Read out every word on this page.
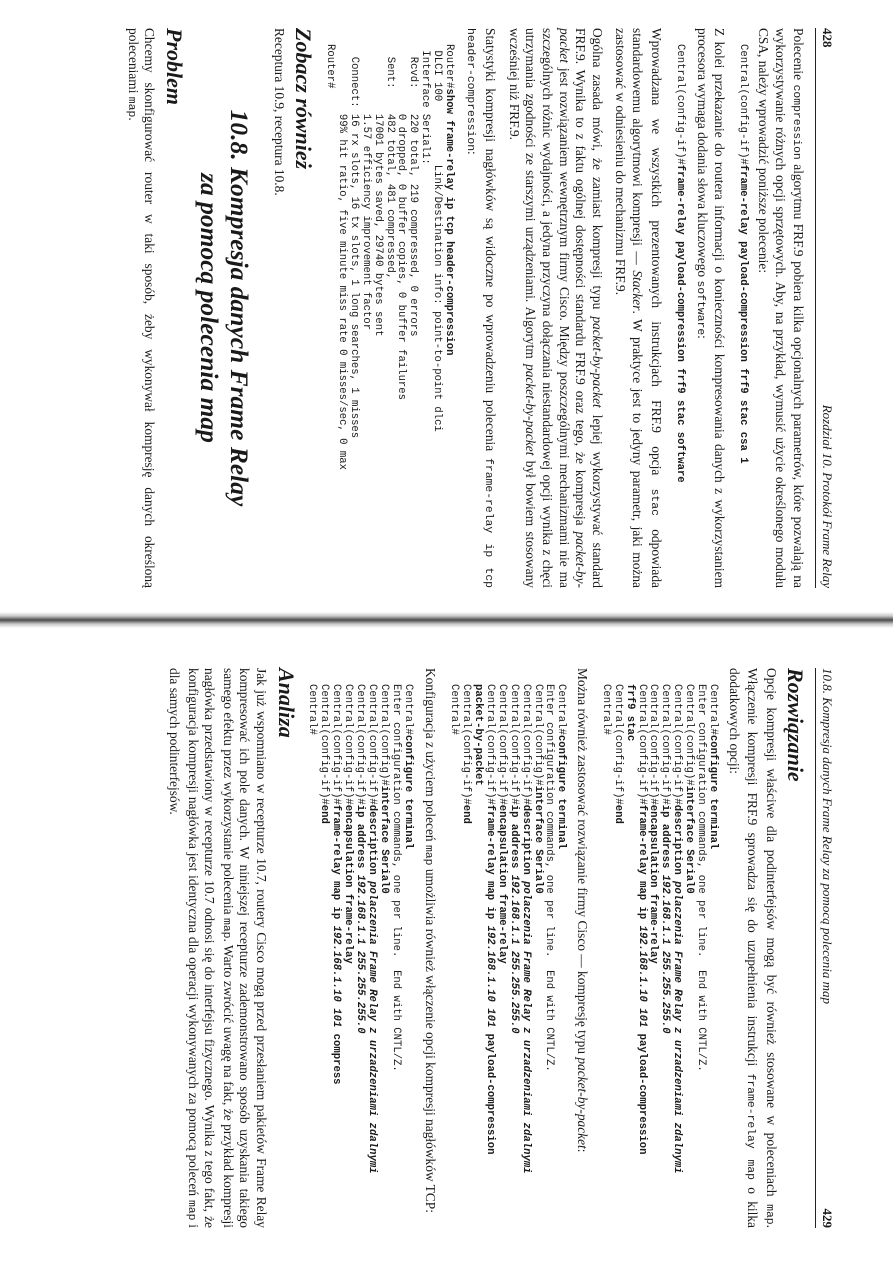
428
Rozdział 10. Protokół Frame Relay

Polecenie compression algorytmu FRF.9 pobiera kilka opcjonalnych parametrów, które pozwalają na wykorzystywanie różnych opcji sprzętowych. Aby, na przykład, wymusić użycie określonego modułu CSA, należy wprowadzić poniższe polecenie:

Central(config-if)#frame-relay payload-compression frf9 stac csa 1

Z kolei przekazanie do routera informacji o konieczności kompresowania danych z wykorzystaniem procesora wymaga dodania słowa kluczowego software:

Central(config-if)#frame-relay payload-compression frf9 stac software

Wprowadzana we wszystkich prezentowanych instrukcjach FRF.9 opcja stac odpowiada standardowemu algorytmowi kompresji — Stacker. W praktyce jest to jedyny parametr, jaki można zastosować w odniesieniu do mechanizmu FRF.9.

Ogólna zasada mówi, że zamiast kompresji typu packet-by-packet lepiej wykorzystywać standard FRF.9. Wynika to z faktu ogólnej dostępności standardu FRF.9 oraz tego, że kompresja packet-by-packet jest rozwiązaniem wewnętrznym firmy Cisco. Między poszczególnymi mechanizmami nie ma szczególnych różnic wydajności, a jedyna przyczyna dołączania niestandardowej opcji wynika z chęci utrzymania zgodności ze starszymi urządzeniami. Algorytm packet-by-packet był bowiem stosowany wcześniej niż FRF.9.

Statystyki kompresji nagłówków są widoczne po wprowadzeniu polecenia frame-relay ip tcp header-compression:

Router#show frame-relay ip tcp header-compression
DLCI 100          Link/Destination info: point-to-point dlci
Interface Serial1:
Rcvd:    220 total, 219 compressed, 0 errors
0 dropped, 0 buffer copies, 0 buffer failures
Sent:    482 total, 481 compressed,
17001 bytes saved, 29740 bytes sent
1.57 efficiency improvement factor
Connect: 16 rx slots, 16 tx slots, 1 long searches, 1 misses
99% hit ratio, five minute miss rate 0 misses/sec, 0 max
Router#
Zobacz również

Receptura 10.9, receptura 10.8.

10.8. Kompresja danych Frame Relay
za pomocą polecenia map
Problem

Chcemy skonfigurować router w taki sposób, żeby wykonywał kompresję danych określoną poleceniami map.

10.8. Kompresja danych Frame Relay za pomocą polecenia map
429
Rozwiązanie

Opcje kompresji właściwe dla podinterfejsów mogą być również stosowane w poleceniach map. Włączenie kompresji FRF.9 sprowadza się do uzupełnienia instrukcji frame-relay map o kilka dodatkowych opcji:

Central#configure terminal
Enter configuration commands, one per line.  End with CNTL/Z.
Central(config)#interface Serial0
Central(config-if)#description polaczenia Frame Relay z urzadzeniami zdalnymi
Central(config-if)#ip address 192.168.1.1 255.255.255.0
Central(config-if)#encapsulation frame-relay
Central(config-if)#frame-relay map ip 192.168.1.10 101 payload-compression
frf9 stac
Central(config-if)#end
Central#

Można również zastosować rozwiązanie firmy Cisco — kompresję typu packet-by-packet:

Central#configure terminal
Enter configuration commands, one per line.  End with CNTL/Z.
Central(config)#interface Serial0
Central(config-if)#description polaczenia Frame Relay z urzadzeniami zdalnymi
Central(config-if)#ip address 192.168.1.1 255.255.255.0
Central(config-if)#encapsulation frame-relay
Central(config-if)#frame-relay map ip 192.168.1.10 101 payload-compression
packet-by-packet
Central(config-if)#end
Central#

Konfiguracja z użyciem poleceń map umożliwia również włączenie opcji kompresji nagłówków TCP:

Central#configure terminal
Enter configuration commands, one per line.  End with CNTL/Z.
Central(config)#interface Serial0
Central(config-if)#description polaczenia Frame Relay z urzadzeniami zdalnymi
Central(config-if)#ip address 192.168.1.1 255.255.255.0
Central(config-if)#encapsulation frame-relay
Central(config-if)#frame-relay map ip 192.168.1.10 101 compress
Central(config-if)#end
Central#
Analiza

Jak już wspomniano w recepturze 10.7, routery Cisco mogą przed przesłaniem pakietów Frame Relay kompresować ich pole danych. W niniejszej recepturze zademonstrowano sposób uzyskania takiego samego efektu przez wykorzystanie polecenia map. Warto zwrócić uwagę na fakt, że przykład kompresji nagłówka przedstawiony w recepturze 10.7 odnosi się do interfejsu fizycznego. Wynika z tego fakt, że konfiguracja kompresji nagłówka jest identyczna dla operacji wykonywanych za pomocą poleceń map i dla samych podinterfejsów.
